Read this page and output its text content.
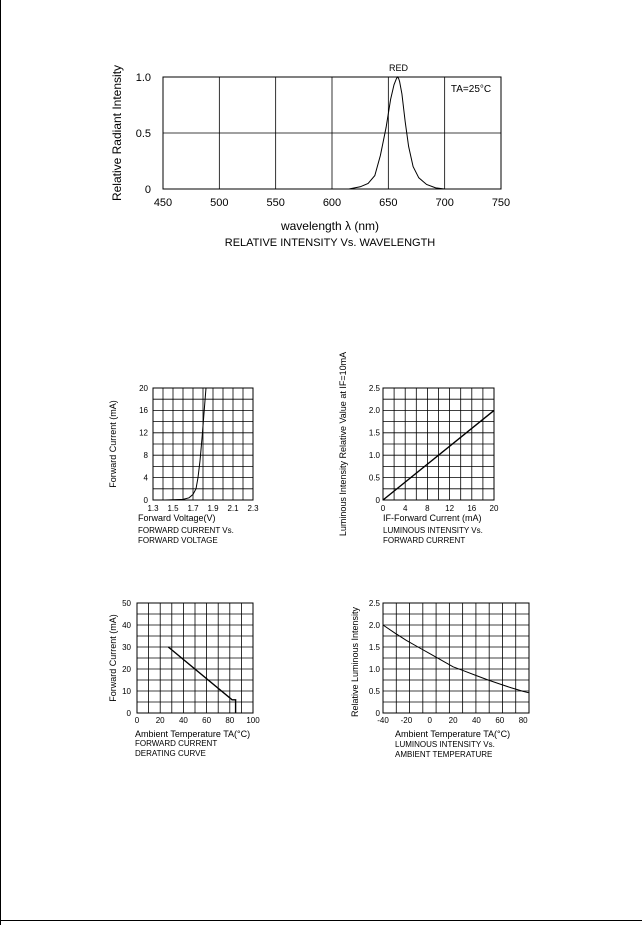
450	500	550	600	650	700	750
0
0.5
1.0
wavelength λ (nm)
Relative Radiant Intensity
RELATIVE INTENSITY Vs. WAVELENGTH
RED
TA=25°C
1.3 1.5 1.7 1.9 2.1 2.3
0
4
8
12
16
20
Forward Voltage(V)
Forward Current (mA)
FORWARD CURRENT Vs. FORWARD VOLTAGE
0 4 8 12 16 20
0
0.5
1.0
1.5
2.0
2.5
IF-Forward Current (mA)
Luminous Intensity Relative Value at IF=10mA	LUMINOUS INTENSITY Vs. FORWARD CURRENT
0 20 40 60 80 100
0
10
20
30
40
50
Ambient Temperature TA(°C)
Forward Current (mA)
FORWARD CURRENT DERATING CURVE
-40 -20 0 20 40 60 80
0
0.5
1.0
1.5
2.0
2.5
Ambient Temperature TA(°C)
Relative Luminous Intensity
LUMINOUS INTENSITY Vs. AMBIENT TEMPERATURE
